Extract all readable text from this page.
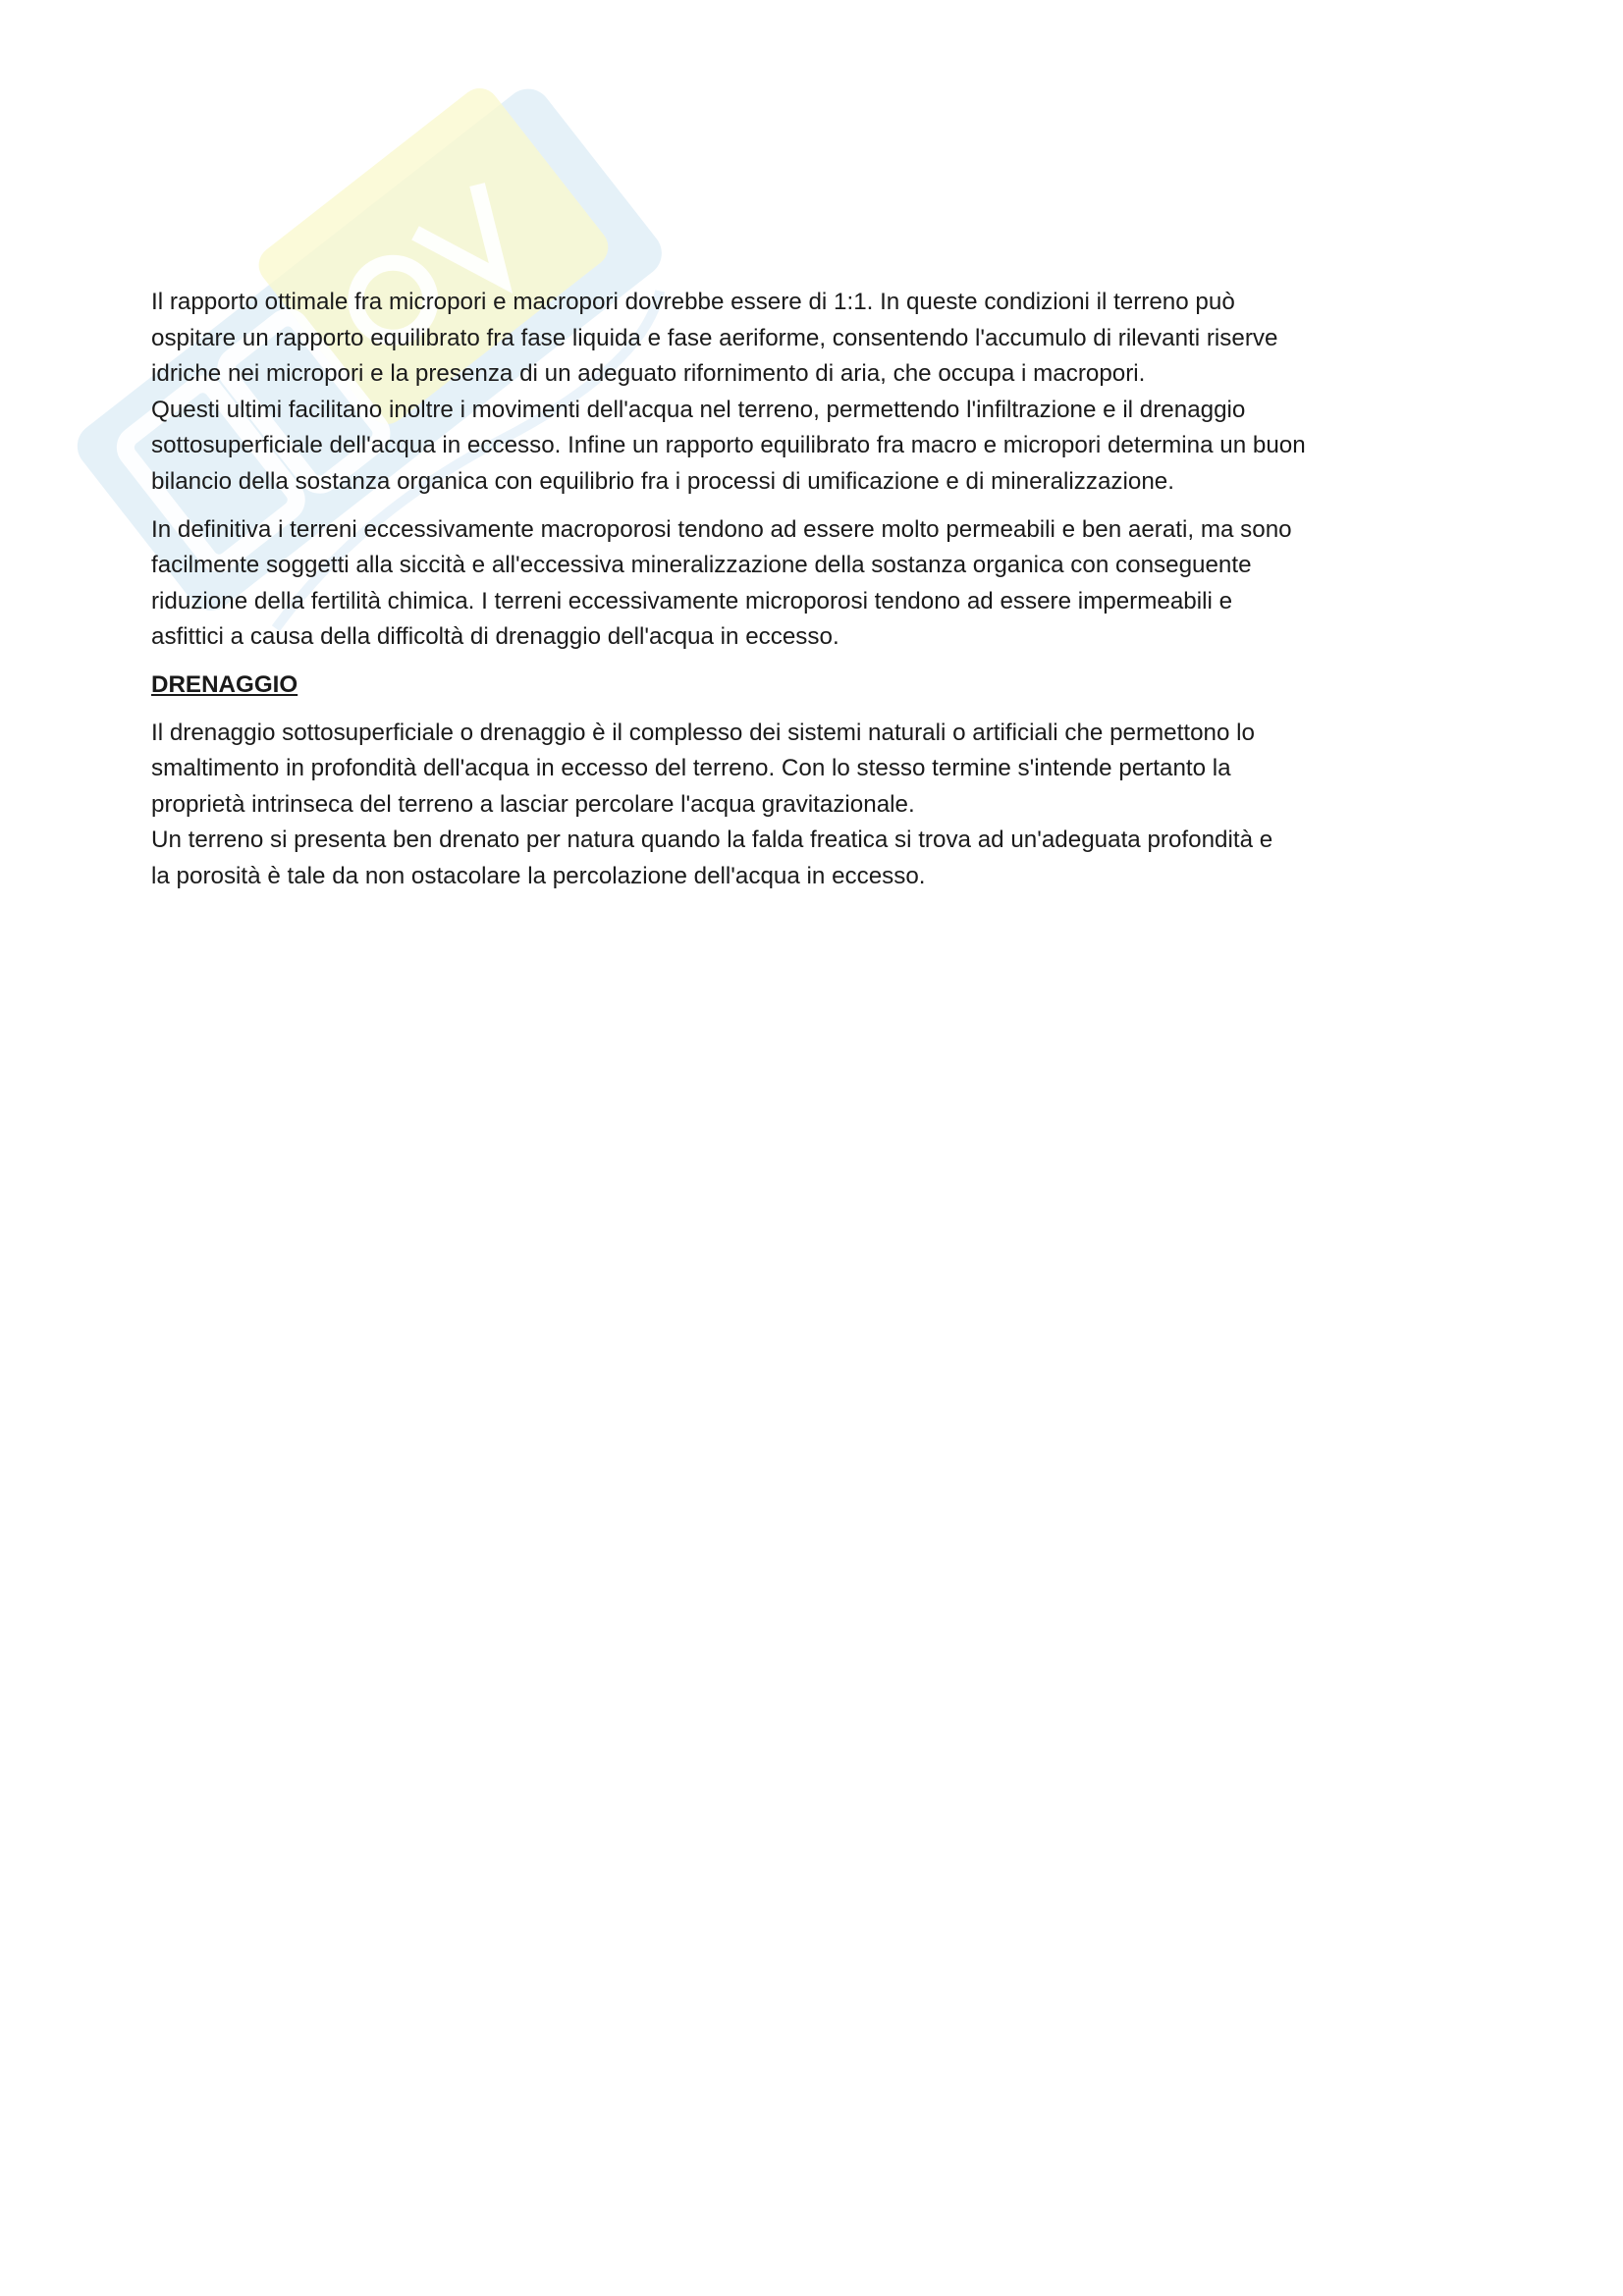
Il rapporto ottimale fra micropori e macropori dovrebbe essere di 1:1. In queste condizioni il terreno può
ospitare un rapporto equilibrato fra fase liquida e fase aeriforme, consentendo l'accumulo di rilevanti riserve
idriche nei micropori e la presenza di un adeguato rifornimento di aria, che occupa i macropori.
Questi ultimi facilitano inoltre i movimenti dell'acqua nel terreno, permettendo l'infiltrazione e il drenaggio
sottosuperficiale dell'acqua in eccesso. Infine un rapporto equilibrato fra macro e micropori determina un buon
bilancio della sostanza organica con equilibrio fra i processi di umificazione e di mineralizzazione.

In definitiva i terreni eccessivamente macroporosi tendono ad essere molto permeabili e ben aerati, ma sono
facilmente soggetti alla siccità e all'eccessiva mineralizzazione della sostanza organica con conseguente
riduzione della fertilità chimica. I terreni eccessivamente microporosi tendono ad essere impermeabili e
asfittici a causa della difficoltà di drenaggio dell'acqua in eccesso.

DRENAGGIO

Il drenaggio sottosuperficiale o drenaggio è il complesso dei sistemi naturali o artificiali che permettono lo
smaltimento in profondità dell'acqua in eccesso del terreno. Con lo stesso termine s'intende pertanto la
proprietà intrinseca del terreno a lasciar percolare l'acqua gravitazionale.
Un terreno si presenta ben drenato per natura quando la falda freatica si trova ad un'adeguata profondità e
la porosità è tale da non ostacolare la percolazione dell'acqua in eccesso.
